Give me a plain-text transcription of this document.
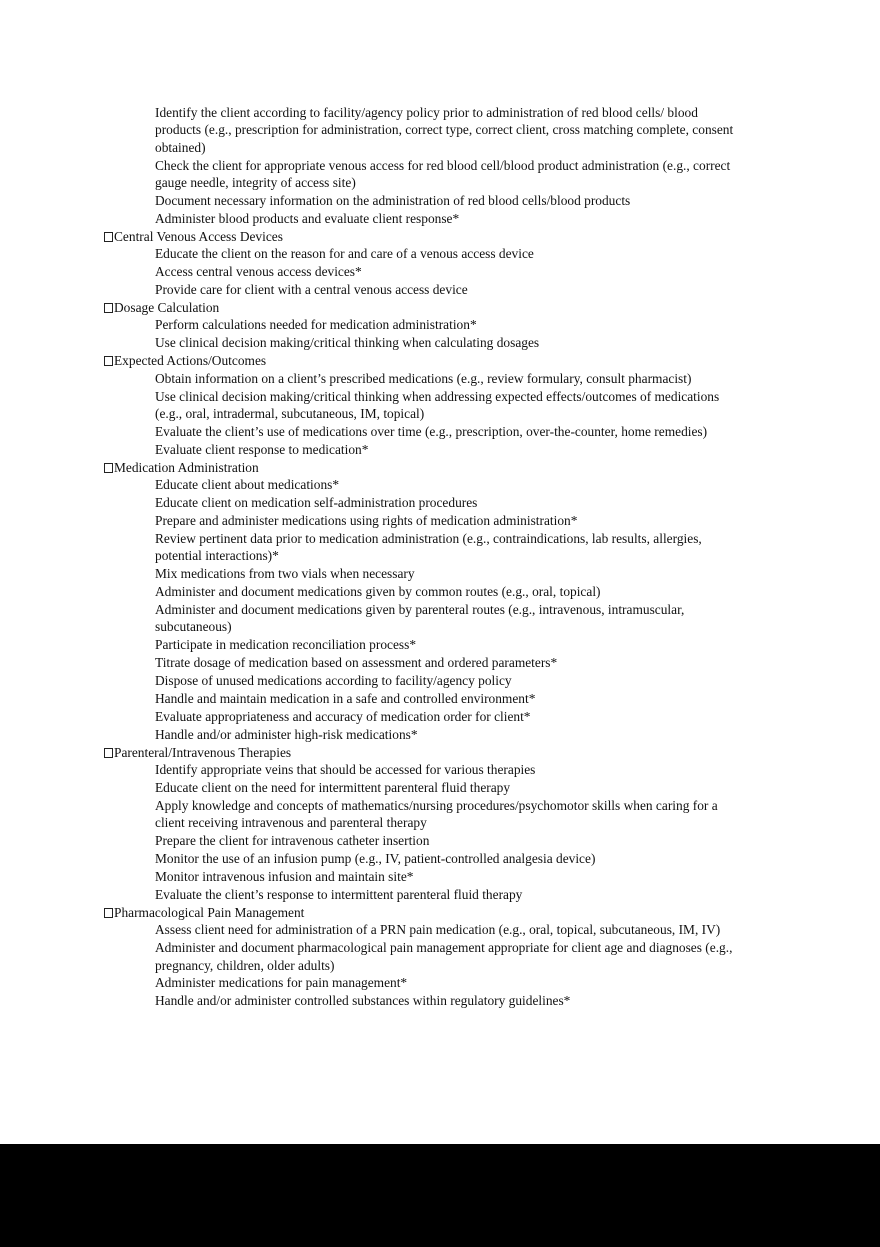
Identify the client according to facility/agency policy prior to administration of red blood cells/ blood products (e.g., prescription for administration, correct type, correct client, cross matching complete, consent obtained)
Check the client for appropriate venous access for red blood cell/blood product administration (e.g., correct gauge needle, integrity of access site)
Document necessary information on the administration of red blood cells/blood products
Administer blood products and evaluate client response*
Central Venous Access Devices
Educate the client on the reason for and care of a venous access device
Access central venous access devices*
Provide care for client with a central venous access device
Dosage Calculation
Perform calculations needed for medication administration*
Use clinical decision making/critical thinking when calculating dosages
Expected Actions/Outcomes
Obtain information on a client’s prescribed medications (e.g., review formulary, consult pharmacist)
Use clinical decision making/critical thinking when addressing expected effects/outcomes of medications (e.g., oral, intradermal, subcutaneous, IM, topical)
Evaluate the client’s use of medications over time (e.g., prescription, over-the-counter, home remedies)
Evaluate client response to medication*
Medication Administration
Educate client about medications*
Educate client on medication self-administration procedures
Prepare and administer medications using rights of medication administration*
Review pertinent data prior to medication administration (e.g., contraindications, lab results, allergies, potential interactions)*
Mix medications from two vials when necessary
Administer and document medications given by common routes (e.g., oral, topical)
Administer and document medications given by parenteral routes (e.g., intravenous, intramuscular, subcutaneous)
Participate in medication reconciliation process*
Titrate dosage of medication based on assessment and ordered parameters*
Dispose of unused medications according to facility/agency policy
Handle and maintain medication in a safe and controlled environment*
Evaluate appropriateness and accuracy of medication order for client*
Handle and/or administer high-risk medications*
Parenteral/Intravenous Therapies
Identify appropriate veins that should be accessed for various therapies
Educate client on the need for intermittent parenteral fluid therapy
Apply knowledge and concepts of mathematics/nursing procedures/psychomotor skills when caring for a client receiving intravenous and parenteral therapy
Prepare the client for intravenous catheter insertion
Monitor the use of an infusion pump (e.g., IV, patient-controlled analgesia device)
Monitor intravenous infusion and maintain site*
Evaluate the client’s response to intermittent parenteral fluid therapy
Pharmacological Pain Management
Assess client need for administration of a PRN pain medication (e.g., oral, topical, subcutaneous, IM, IV)
Administer and document pharmacological pain management appropriate for client age and diagnoses (e.g., pregnancy, children, older adults)
Administer medications for pain management*
Handle and/or administer controlled substances within regulatory guidelines*
